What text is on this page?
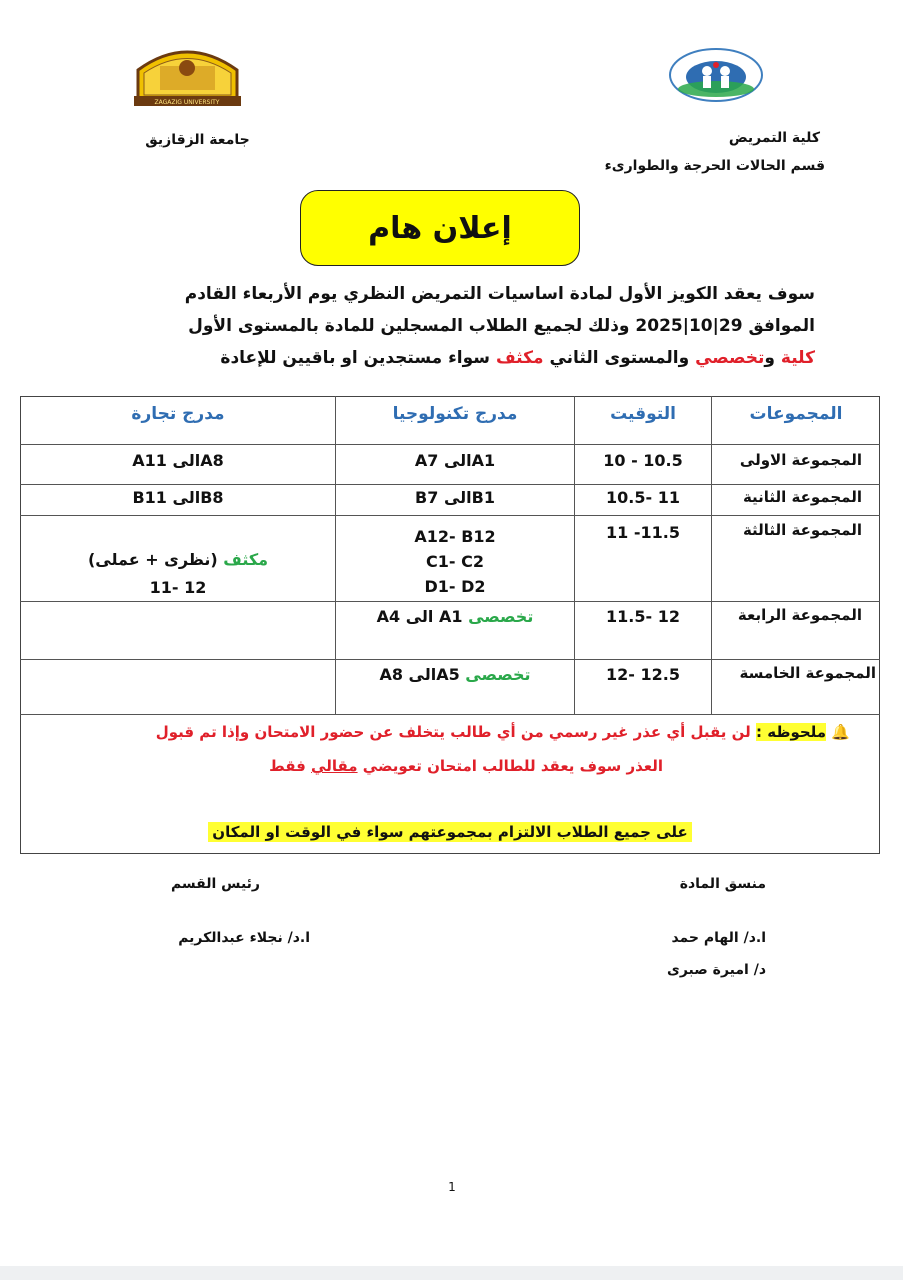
ZAGAZIG UNIVERSITY
جامعة الزقازيق	كلية التمريض
قسم الحالات الحرجة والطوارىء
إعلان هام
سوف يعقد الكويز الأول لمادة اساسيات التمريض النظري يوم الأربعاء القادم
الموافق 29|10|2025 وذلك لجميع الطلاب المسجلين للمادة بالمستوى الأول
كلية وتخصصي والمستوى الثاني مكثف سواء مستجدين او باقيين للإعادة
المجموعات
التوقيت
مدرج تكنولوجيا
مدرج تجارة
المجموعة الاولى
10 - 10.5
A1الى A7
A8الى A11
المجموعة الثانية
10.5- 11
B1الى B7
B8الى B11
المجموعة الثالثة
11 -11.5
A12- B12
C1- C2
D1- D2
مكثف (نظرى + عملى)
11- 12
المجموعة الرابعة
11.5- 12
تخصصى A1 الى A4
المجموعة الخامسة
12- 12.5
تخصصى A5الى A8
🔔 ملحوظه : لن يقبل أي عذر غير رسمي من أي طالب يتخلف عن حضور الامتحان وإذا تم قبول
العذر سوف يعقد للطالب امتحان تعويضي مقالي فقط
على جميع الطلاب الالتزام بمجموعتهم سواء في الوقت او المكان
منسق المادة
ا.د/ الهام حمد
د/ اميرة صبرى
رئيس القسم
ا.د/ نجلاء عبدالكريم
1
